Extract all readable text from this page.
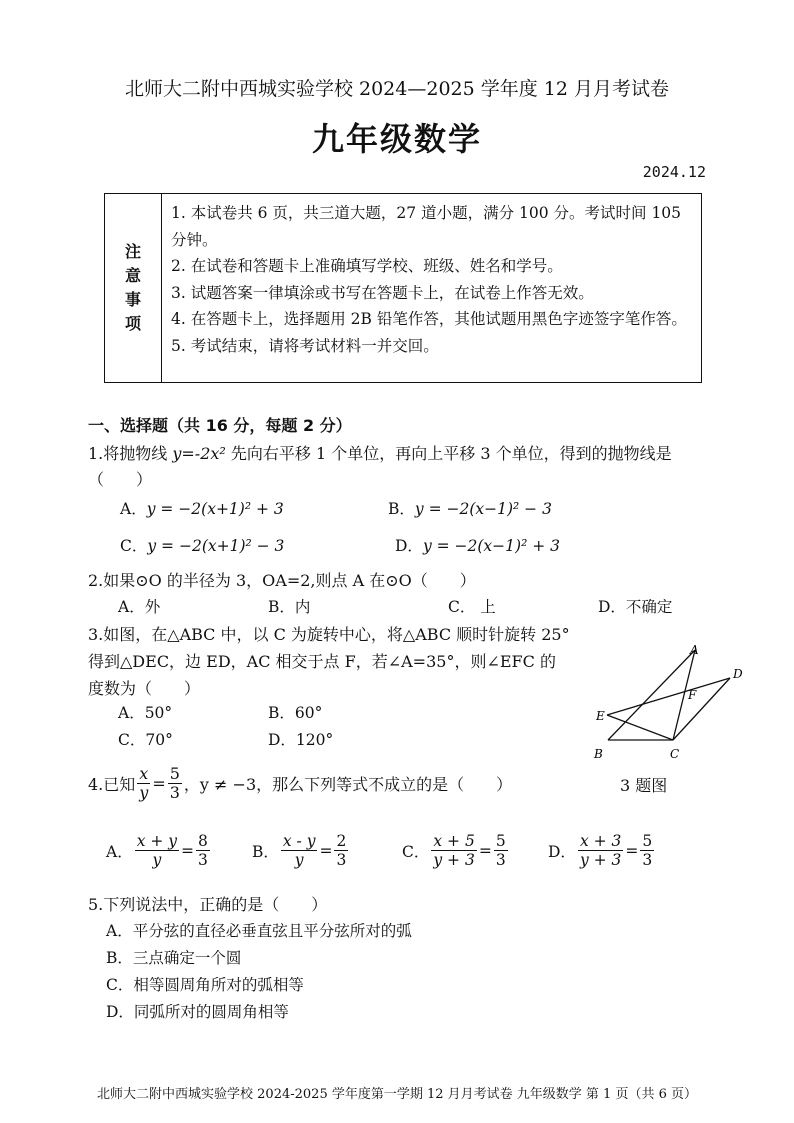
北师大二附中西城实验学校 2024—2025 学年度 12 月月考试卷
九年级数学
2024.12
注
意
事
项
1. 本试卷共 6 页，共三道大题，27 道小题，满分 100 分。考试时间 105 分钟。
2. 在试卷和答题卡上准确填写学校、班级、姓名和学号。
3. 试题答案一律填涂或书写在答题卡上，在试卷上作答无效。
4. 在答题卡上，选择题用 2B 铅笔作答，其他试题用黑色字迹签字笔作答。
5. 考试结束，请将考试材料一并交回。
一、选择题（共 16 分，每题 2 分）
1.将抛物线 y=-2x² 先向右平移 1 个单位，再向上平移 3 个单位，得到的抛物线是
（　　）
A．y = −2(x+1)² + 3	B．y = −2(x−1)² − 3
C．y = −2(x+1)² − 3	D．y = −2(x−1)² + 3
2.如果⊙O 的半径为 3，OA=2,则点 A 在⊙O（　　）
A．外	B．内	C． 上	D．不确定
3.如图，在△ABC 中，以 C 为旋转中心，将△ABC 顺时针旋转 25°
得到△DEC，边 ED，AC 相交于点 F，若∠A=35°，则∠EFC 的
度数为（　　）
A．50°	B．60°
C．70°	D．120°
A
D
F
E
B	C
4.已知 $\frac{x}{y} = \frac{5}{3}$ ，y ≠ −3，那么下列等式不成立的是（　　）	3 题图
A． $\frac{x + y}{y} = \frac{8}{3}$	B． $\frac{x - y}{y} = \frac{2}{3}$	C． $\frac{x + 5}{y + 3} = \frac{5}{3}$	D． $\frac{x + 3}{y + 3} = \frac{5}{3}$
5.下列说法中，正确的是（　　）
A．平分弦的直径必垂直弦且平分弦所对的弧
B．三点确定一个圆
C．相等圆周角所对的弧相等
D．同弧所对的圆周角相等
北师大二附中西城实验学校 2024-2025 学年度第一学期 12 月月考试卷 九年级数学 第 1 页（共 6 页）
